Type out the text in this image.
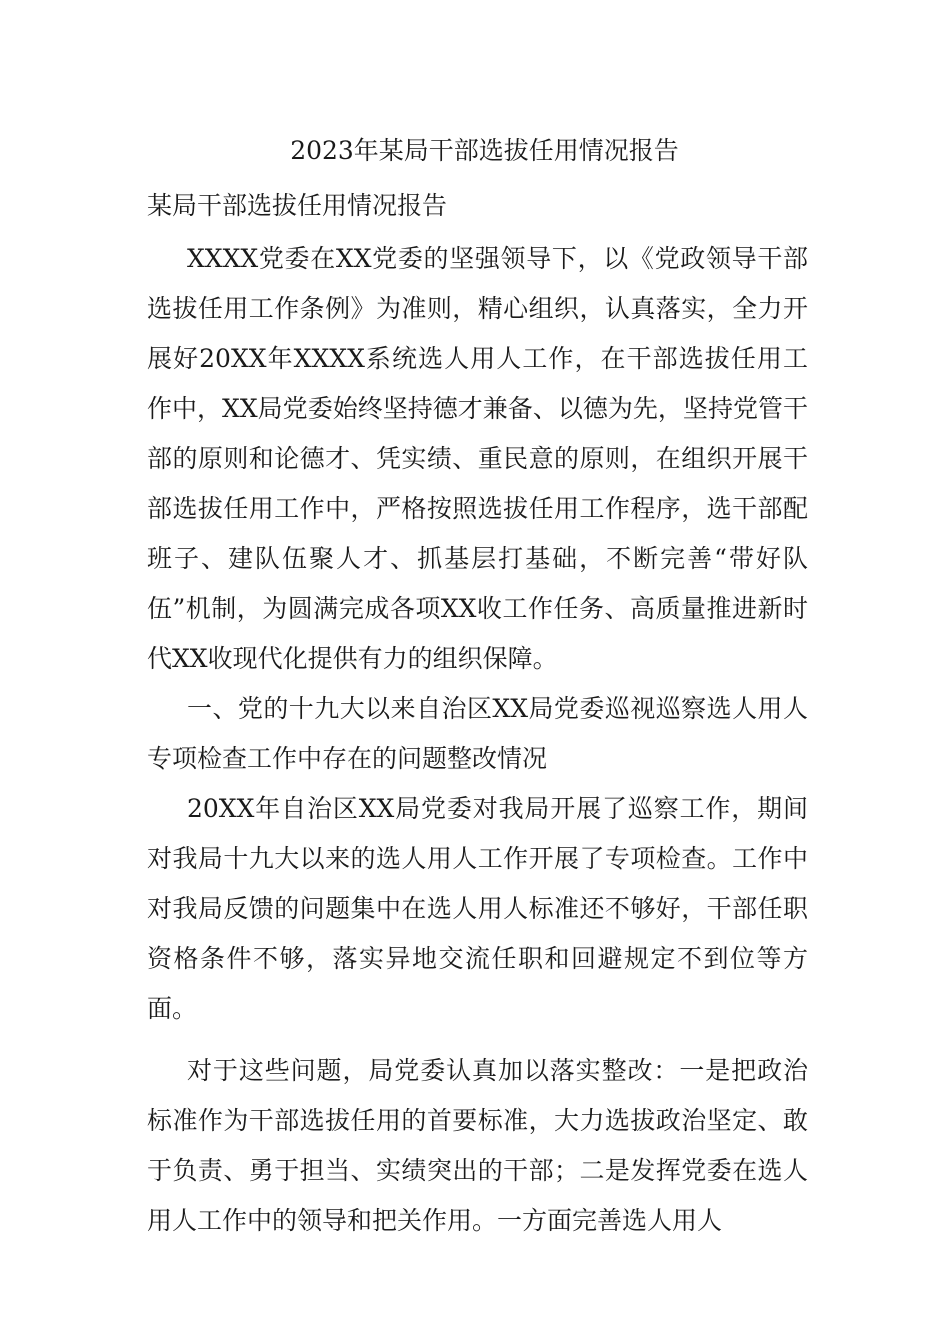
2023年某局干部选拔任用情况报告

某局干部选拔任用情况报告

XXXX党委在XX党委的坚强领导下，以《党政领导干部选拔任用工作条例》为准则，精心组织，认真落实，全力开展好20XX年XXXX系统选人用人工作，在干部选拔任用工作中，XX局党委始终坚持德才兼备、以德为先，坚持党管干部的原则和论德才、凭实绩、重民意的原则，在组织开展干部选拔任用工作中，严格按照选拔任用工作程序，选干部配班子、建队伍聚人才、抓基层打基础，不断完善“带好队伍”机制，为圆满完成各项XX收工作任务、高质量推进新时代XX收现代化提供有力的组织保障。

一、党的十九大以来自治区XX局党委巡视巡察选人用人专项检查工作中存在的问题整改情况

20XX年自治区XX局党委对我局开展了巡察工作，期间对我局十九大以来的选人用人工作开展了专项检查。工作中对我局反馈的问题集中在选人用人标准还不够好，干部任职资格条件不够，落实异地交流任职和回避规定不到位等方面。

对于这些问题，局党委认真加以落实整改：一是把政治标准作为干部选拔任用的首要标准，大力选拔政治坚定、敢于负责、勇于担当、实绩突出的干部；二是发挥党委在选人用人工作中的领导和把关作用。一方面完善选人用人
